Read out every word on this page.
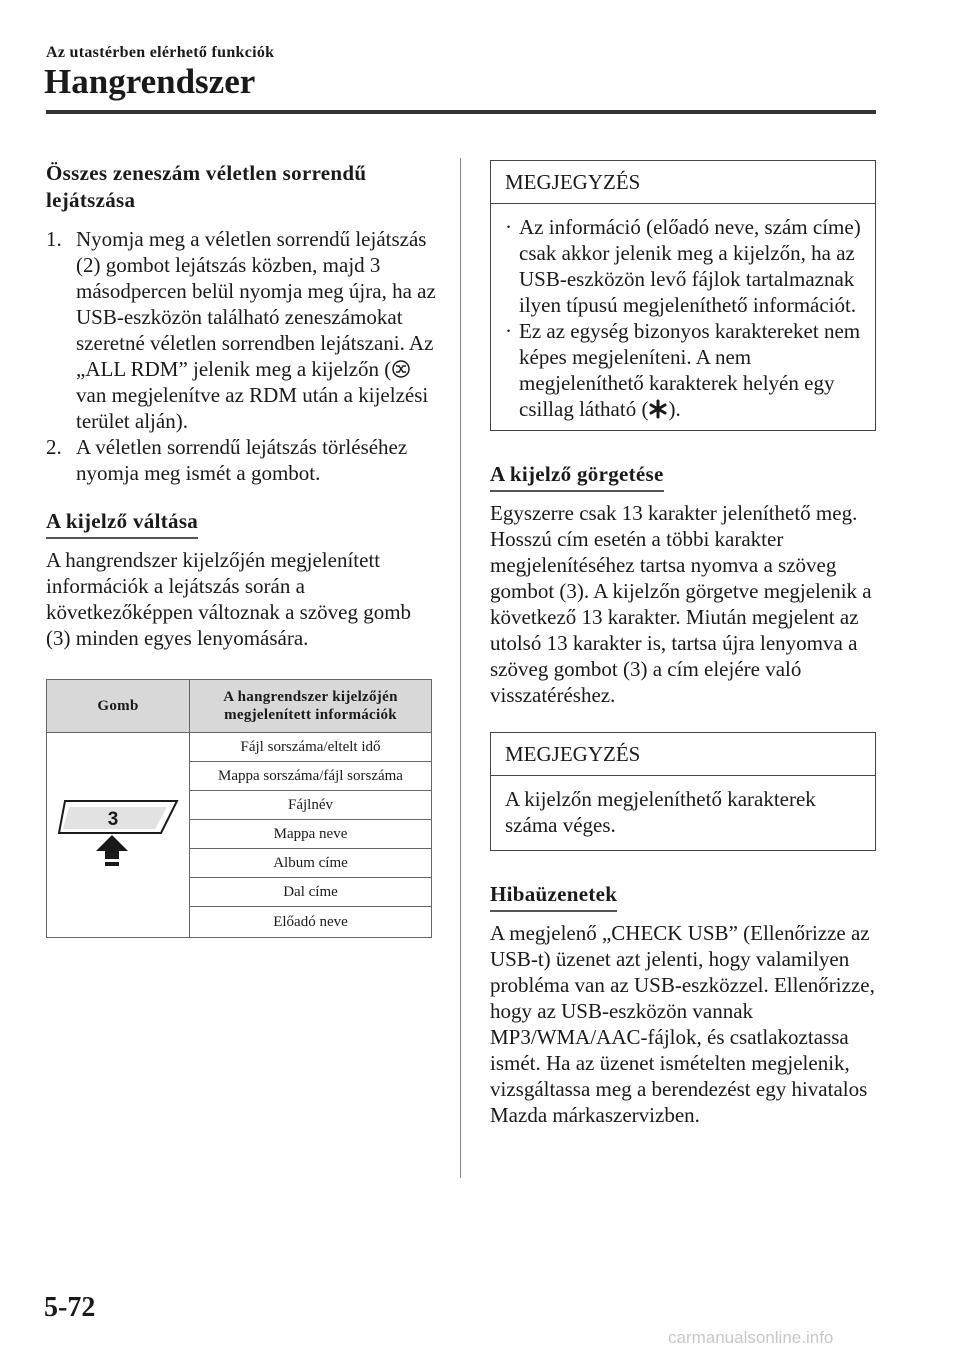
Az utastérben elérhető funkciók
Hangrendszer

Összes zeneszám véletlen sorrendű
lejátszása

1. Nyomja meg a véletlen sorrendű lejátszás (2) gombot lejátszás közben, majd 3 másodpercen belül nyomja meg újra, ha az USB-eszközön található zeneszámokat szeretné véletlen sorrendben lejátszani. Az „ALL RDM” jelenik meg a kijelzőn ( van megjelenítve az RDM után a kijelzési terület alján).
2. A véletlen sorrendű lejátszás törléséhez nyomja meg ismét a gombot.

A kijelző váltása

A hangrendszer kijelzőjén megjelenített információk a lejátszás során a következőképpen változnak a szöveg gomb (3) minden egyes lenyomására.

Gomb	A hangrendszer kijelzőjén megjelenített információk

3	Fájl sorszáma/eltelt idő
	Mappa sorszáma/fájl sorszáma
	Fájlnév
	Mappa neve
	Album címe
	Dal címe
	Előadó neve
MEGJEGYZÉS
· Az információ (előadó neve, szám címe) csak akkor jelenik meg a kijelzőn, ha az USB-eszközön levő fájlok tartalmaznak ilyen típusú megjeleníthető információt.
· Ez az egység bizonyos karaktereket nem képes megjeleníteni. A nem megjeleníthető karakterek helyén egy csillag látható ( ).

A kijelző görgetése

Egyszerre csak 13 karakter jeleníthető meg. Hosszú cím esetén a többi karakter megjelenítéséhez tartsa nyomva a szöveg gombot (3). A kijelzőn görgetve megjelenik a következő 13 karakter. Miután megjelent az utolsó 13 karakter is, tartsa újra lenyomva a szöveg gombot (3) a cím elejére való visszatéréshez.

MEGJEGYZÉS
A kijelzőn megjeleníthető karakterek száma véges.

Hibaüzenetek

A megjelenő „CHECK USB” (Ellenőrizze az USB-t) üzenet azt jelenti, hogy valamilyen probléma van az USB-eszközzel. Ellenőrizze, hogy az USB-eszközön vannak MP3/WMA/AAC-fájlok, és csatlakoztassa ismét. Ha az üzenet ismételten megjelenik, vizsgáltassa meg a berendezést egy hivatalos Mazda márkaszervizben.

5-72
carmanualsonline.info
